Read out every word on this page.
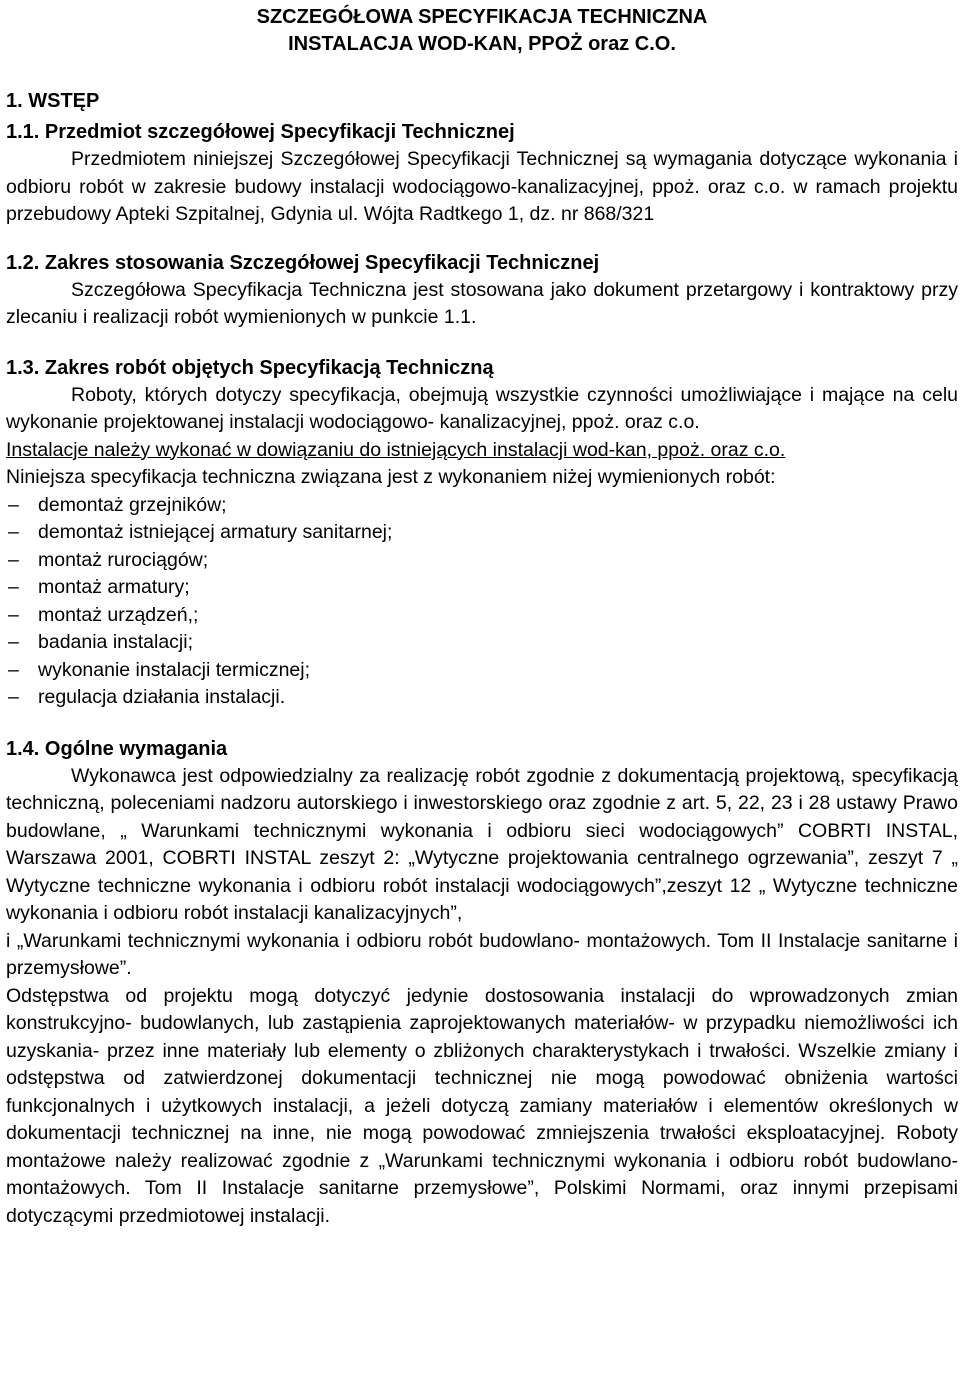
SZCZEGÓŁOWA SPECYFIKACJA TECHNICZNA
INSTALACJA WOD-KAN, PPOŻ oraz C.O.
1. WSTĘP
1.1. Przedmiot szczegółowej Specyfikacji Technicznej

Przedmiotem niniejszej Szczegółowej Specyfikacji Technicznej są wymagania dotyczące wykonania i odbioru robót w zakresie budowy instalacji wodociągowo-kanalizacyjnej, ppoż. oraz c.o. w ramach projektu przebudowy Apteki Szpitalnej, Gdynia ul. Wójta Radtkego 1, dz. nr 868/321

1.2. Zakres stosowania Szczegółowej Specyfikacji Technicznej

Szczegółowa Specyfikacja Techniczna jest stosowana jako dokument przetargowy i kontraktowy przy zlecaniu i realizacji robót wymienionych w punkcie 1.1.

1.3. Zakres robót objętych Specyfikacją Techniczną

Roboty, których dotyczy specyfikacja, obejmują wszystkie czynności umożliwiające i mające na celu wykonanie projektowanej instalacji wodociągowo- kanalizacyjnej, ppoż. oraz c.o.

Instalacje należy wykonać w dowiązaniu do istniejących instalacji wod-kan, ppoż. oraz c.o.

Niniejsza specyfikacja techniczna związana jest z wykonaniem niżej wymienionych robót:

– demontaż grzejników;
– demontaż istniejącej armatury sanitarnej;
– montaż rurociągów;
– montaż armatury;
– montaż urządzeń,;
– badania instalacji;
– wykonanie instalacji termicznej;
– regulacja działania instalacji.
1.4. Ogólne wymagania

Wykonawca jest odpowiedzialny za realizację robót zgodnie z dokumentacją projektową, specyfikacją techniczną, poleceniami nadzoru autorskiego i inwestorskiego oraz zgodnie z art. 5, 22, 23 i 28 ustawy Prawo budowlane, „ Warunkami technicznymi wykonania i odbioru sieci wodociągowych” COBRTI INSTAL, Warszawa 2001, COBRTI INSTAL zeszyt 2: „Wytyczne projektowania centralnego ogrzewania”, zeszyt 7 „ Wytyczne techniczne wykonania i odbioru robót instalacji wodociągowych”,zeszyt 12 „ Wytyczne techniczne wykonania i odbioru robót instalacji kanalizacyjnych”,

i „Warunkami technicznymi wykonania i odbioru robót budowlano- montażowych. Tom II Instalacje sanitarne i przemysłowe”.

Odstępstwa od projektu mogą dotyczyć jedynie dostosowania instalacji do wprowadzonych zmian konstrukcyjno- budowlanych, lub zastąpienia zaprojektowanych materiałów- w przypadku niemożliwości ich uzyskania- przez inne materiały lub elementy o zbliżonych charakterystykach i trwałości. Wszelkie zmiany i odstępstwa od zatwierdzonej dokumentacji technicznej nie mogą powodować obniżenia wartości funkcjonalnych i użytkowych instalacji, a jeżeli dotyczą zamiany materiałów i elementów określonych w dokumentacji technicznej na inne, nie mogą powodować zmniejszenia trwałości eksploatacyjnej. Roboty montażowe należy realizować zgodnie z „Warunkami technicznymi wykonania i odbioru robót budowlano- montażowych. Tom II Instalacje sanitarne przemysłowe”, Polskimi Normami, oraz innymi przepisami dotyczącymi przedmiotowej instalacji.
